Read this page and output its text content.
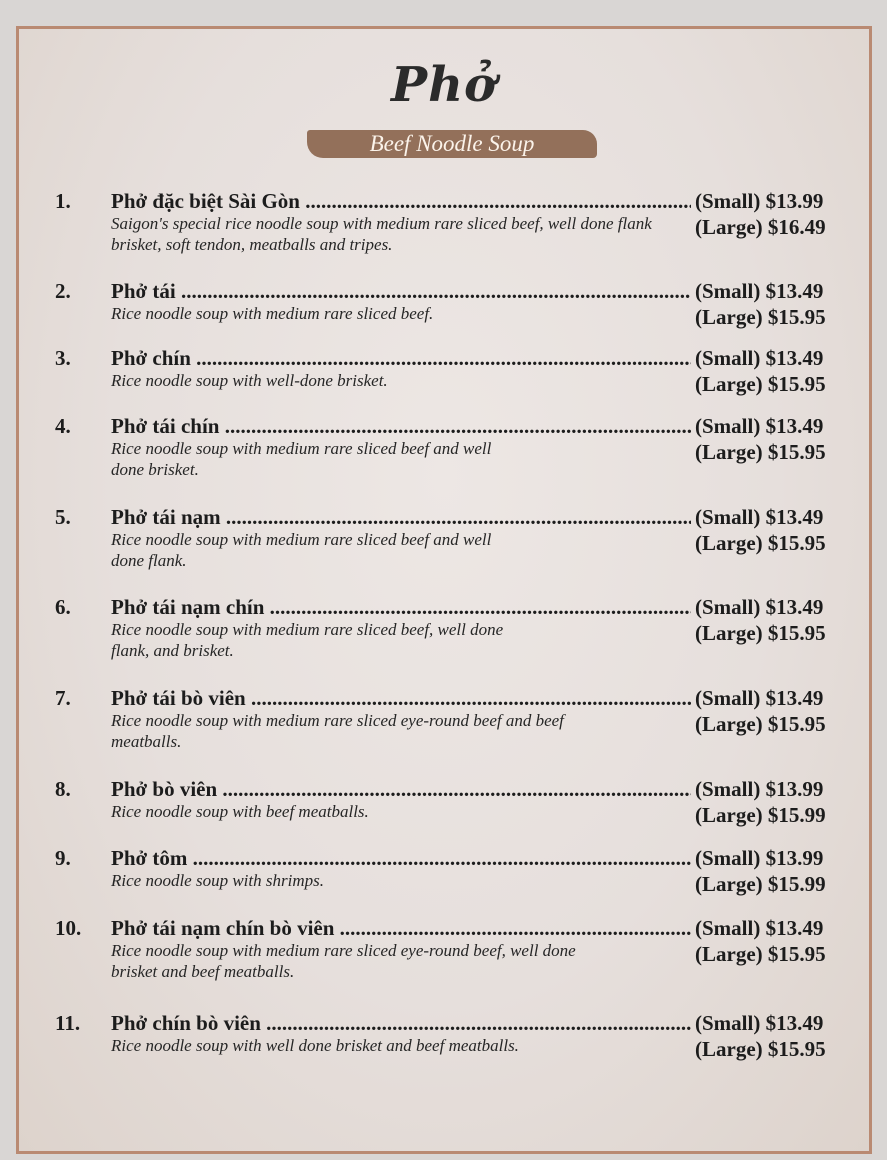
Phở
Beef Noodle Soup
1. Phở đặc biệt Sài Gòn .....
Saigon's special rice noodle soup with medium rare sliced beef, well done flank brisket, soft tendon, meatballs and tripes.
(Small) $13.99
(Large) $16.49
2. Phở tái .....
Rice noodle soup with medium rare sliced beef.
(Small) $13.49
(Large) $15.95
3. Phở chín .....
Rice noodle soup with well-done brisket.
(Small) $13.49
(Large) $15.95
4. Phở tái chín .....
Rice noodle soup with medium rare sliced beef and well done brisket.
(Small) $13.49
(Large) $15.95
5. Phở tái nạm .....
Rice noodle soup with medium rare sliced beef and well done flank.
(Small) $13.49
(Large) $15.95
6. Phở tái nạm chín .....
Rice noodle soup with medium rare sliced beef, well done flank, and brisket.
(Small) $13.49
(Large) $15.95
7. Phở tái bò viên .....
Rice noodle soup with medium rare sliced eye-round beef and beef meatballs.
(Small) $13.49
(Large) $15.95
8. Phở bò viên .....
Rice noodle soup with beef meatballs.
(Small) $13.99
(Large) $15.99
9. Phở tôm .....
Rice noodle soup with shrimps.
(Small) $13.99
(Large) $15.99
10. Phở tái nạm chín bò viên .....
Rice noodle soup with medium rare sliced eye-round beef, well done brisket and beef meatballs.
(Small) $13.49
(Large) $15.95
11. Phở chín bò viên .....
Rice noodle soup with well done brisket and beef meatballs.
(Small) $13.49
(Large) $15.95
